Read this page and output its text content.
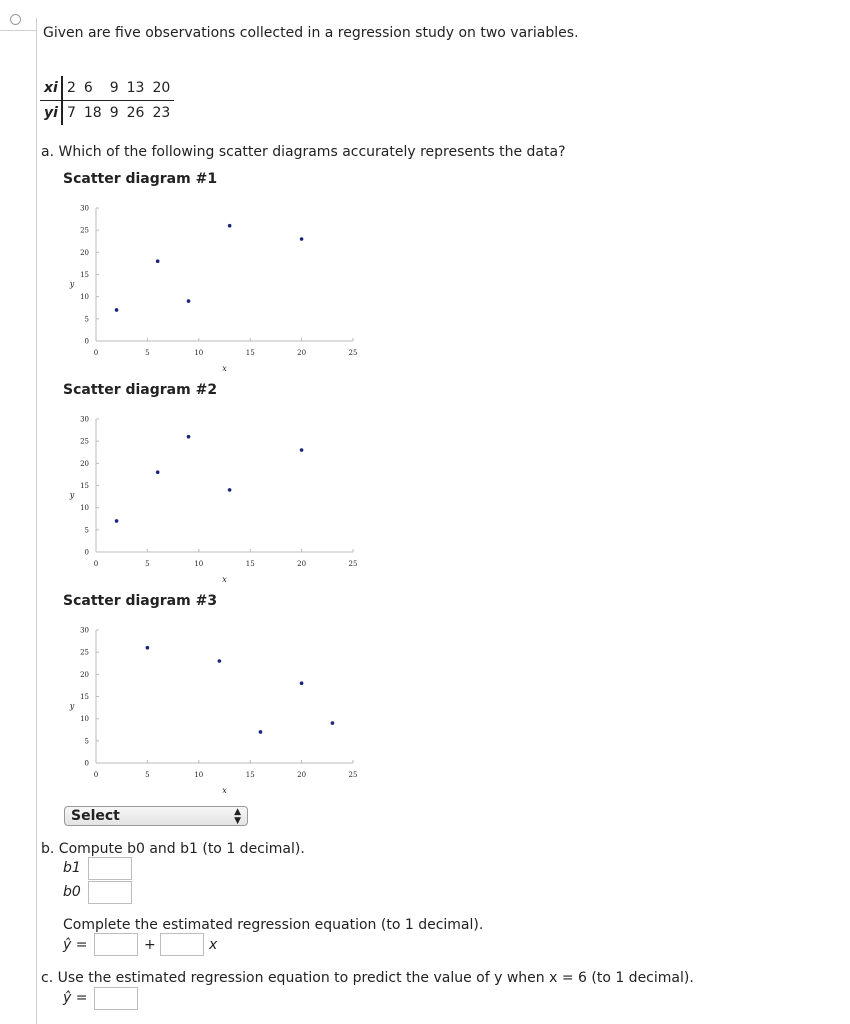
Given are five observations collected in a regression study on two variables.
xi	2	6	9	13	20
yi	7	18	9	26	23
a. Which of the following scatter diagrams accurately represents the data?
Scatter diagram #1
0	5	10	15	20	25
0
5
10
15
20
25
30
x
y
Scatter diagram #2
0	5	10	15	20	25
0
5
10
15
20
25
30
x
y
Scatter diagram #3
0	5	10	15	20	25
0
5
10
15
20
25
30
x
y
Select	▲
▼
b. Compute b0 and b1 (to 1 decimal).
b1
b0
Complete the estimated regression equation (to 1 decimal).
ŷ =	+	x
c. Use the estimated regression equation to predict the value of y when x = 6 (to 1 decimal).
ŷ =
